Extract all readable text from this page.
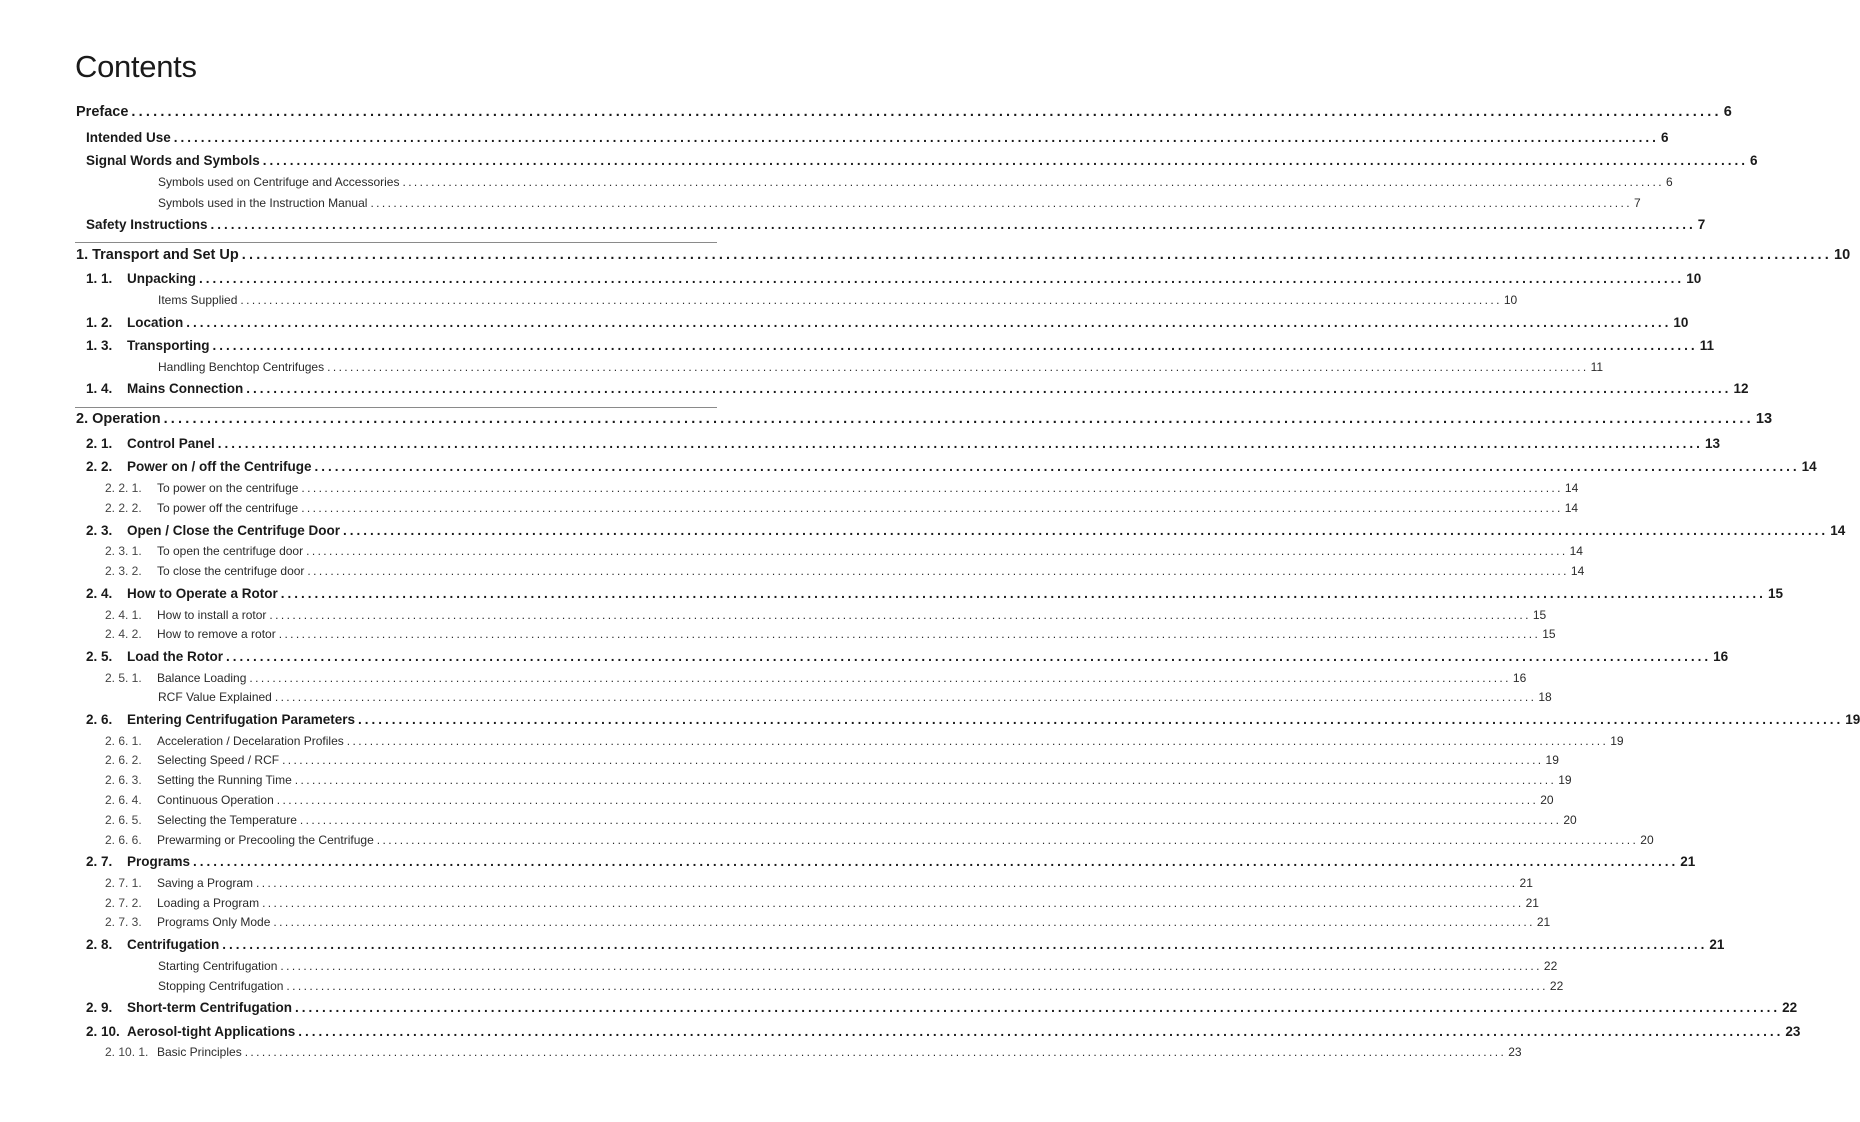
Contents
Preface ............................................................................................................................................................................................................................ 6
Intended Use ............................................................................................................................................................................................................................ 6
Signal Words and Symbols ............................................................................................................................................................................................................................ 6
Symbols used on Centrifuge and Accessories ............................................................................................................................................................................................................................ 6
Symbols used in the Instruction Manual ............................................................................................................................................................................................................................ 7
Safety Instructions ............................................................................................................................................................................................................................ 7
1. Transport and Set Up ............................................................................................................................................................................................................................ 10
1. 1. Unpacking ............................................................................................................................................................................................................................ 10
Items Supplied ............................................................................................................................................................................................................................ 10
1. 2. Location ............................................................................................................................................................................................................................ 10
1. 3. Transporting ............................................................................................................................................................................................................................ 11
Handling Benchtop Centrifuges ............................................................................................................................................................................................................................ 11
1. 4. Mains Connection ............................................................................................................................................................................................................................ 12
2. Operation ............................................................................................................................................................................................................................ 13
2. 1. Control Panel ............................................................................................................................................................................................................................ 13
2. 2. Power on / off the Centrifuge ............................................................................................................................................................................................................................ 14
2. 2. 1. To power on the centrifuge ............................................................................................................................................................................................................................ 14
2. 2. 2. To power off the centrifuge ............................................................................................................................................................................................................................ 14
2. 3. Open / Close the Centrifuge Door ............................................................................................................................................................................................................................ 14
2. 3. 1. To open the centrifuge door ............................................................................................................................................................................................................................ 14
2. 3. 2. To close the centrifuge door ............................................................................................................................................................................................................................ 14
2. 4. How to Operate a Rotor ............................................................................................................................................................................................................................ 15
2. 4. 1. How to install a rotor ............................................................................................................................................................................................................................ 15
2. 4. 2. How to remove a rotor ............................................................................................................................................................................................................................ 15
2. 5. Load the Rotor ............................................................................................................................................................................................................................ 16
2. 5. 1. Balance Loading ............................................................................................................................................................................................................................ 16
RCF Value Explained ............................................................................................................................................................................................................................ 18
2. 6. Entering Centrifugation Parameters ............................................................................................................................................................................................................................ 19
2. 6. 1. Acceleration / Decelaration Profiles ............................................................................................................................................................................................................................ 19
2. 6. 2. Selecting Speed / RCF ............................................................................................................................................................................................................................ 19
2. 6. 3. Setting the Running Time ............................................................................................................................................................................................................................ 19
2. 6. 4. Continuous Operation ............................................................................................................................................................................................................................ 20
2. 6. 5. Selecting the Temperature ............................................................................................................................................................................................................................ 20
2. 6. 6. Prewarming or Precooling the Centrifuge ............................................................................................................................................................................................................................ 20
2. 7. Programs ............................................................................................................................................................................................................................ 21
2. 7. 1. Saving a Program ............................................................................................................................................................................................................................ 21
2. 7. 2. Loading a Program ............................................................................................................................................................................................................................ 21
2. 7. 3. Programs Only Mode ............................................................................................................................................................................................................................ 21
2. 8. Centrifugation ............................................................................................................................................................................................................................ 21
Starting Centrifugation ............................................................................................................................................................................................................................ 22
Stopping Centrifugation ............................................................................................................................................................................................................................ 22
2. 9. Short-term Centrifugation ............................................................................................................................................................................................................................ 22
2. 10. Aerosol-tight Applications ............................................................................................................................................................................................................................ 23
2. 10. 1. Basic Principles ............................................................................................................................................................................................................................ 23
